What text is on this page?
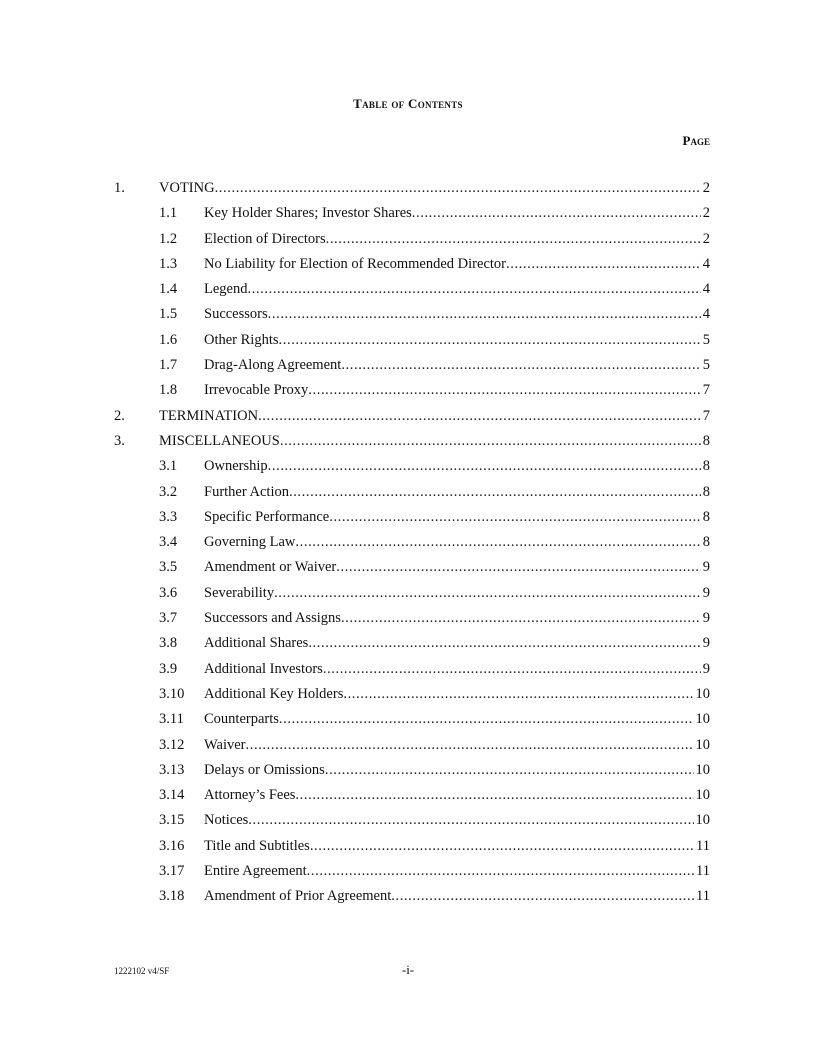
Table of Contents
Page
1. VOTING .....	2
1.1 Key Holder Shares; Investor Shares .....	2
1.2 Election of Directors .....	2
1.3 No Liability for Election of Recommended Director .....	4
1.4 Legend .....	4
1.5 Successors .....	4
1.6 Other Rights .....	5
1.7 Drag-Along Agreement .....	5
1.8 Irrevocable Proxy .....	7
2. TERMINATION .....	7
3. MISCELLANEOUS .....	8
3.1 Ownership .....	8
3.2 Further Action .....	8
3.3 Specific Performance .....	8
3.4 Governing Law .....	8
3.5 Amendment or Waiver .....	9
3.6 Severability .....	9
3.7 Successors and Assigns .....	9
3.8 Additional Shares .....	9
3.9 Additional Investors .....	9
3.10 Additional Key Holders .....	10
3.11 Counterparts .....	10
3.12 Waiver .....	10
3.13 Delays or Omissions .....	10
3.14 Attorney’s Fees .....	10
3.15 Notices .....	10
3.16 Title and Subtitles .....	11
3.17 Entire Agreement .....	11
3.18 Amendment of Prior Agreement .....	11
1222102 v4/SF	-i-
